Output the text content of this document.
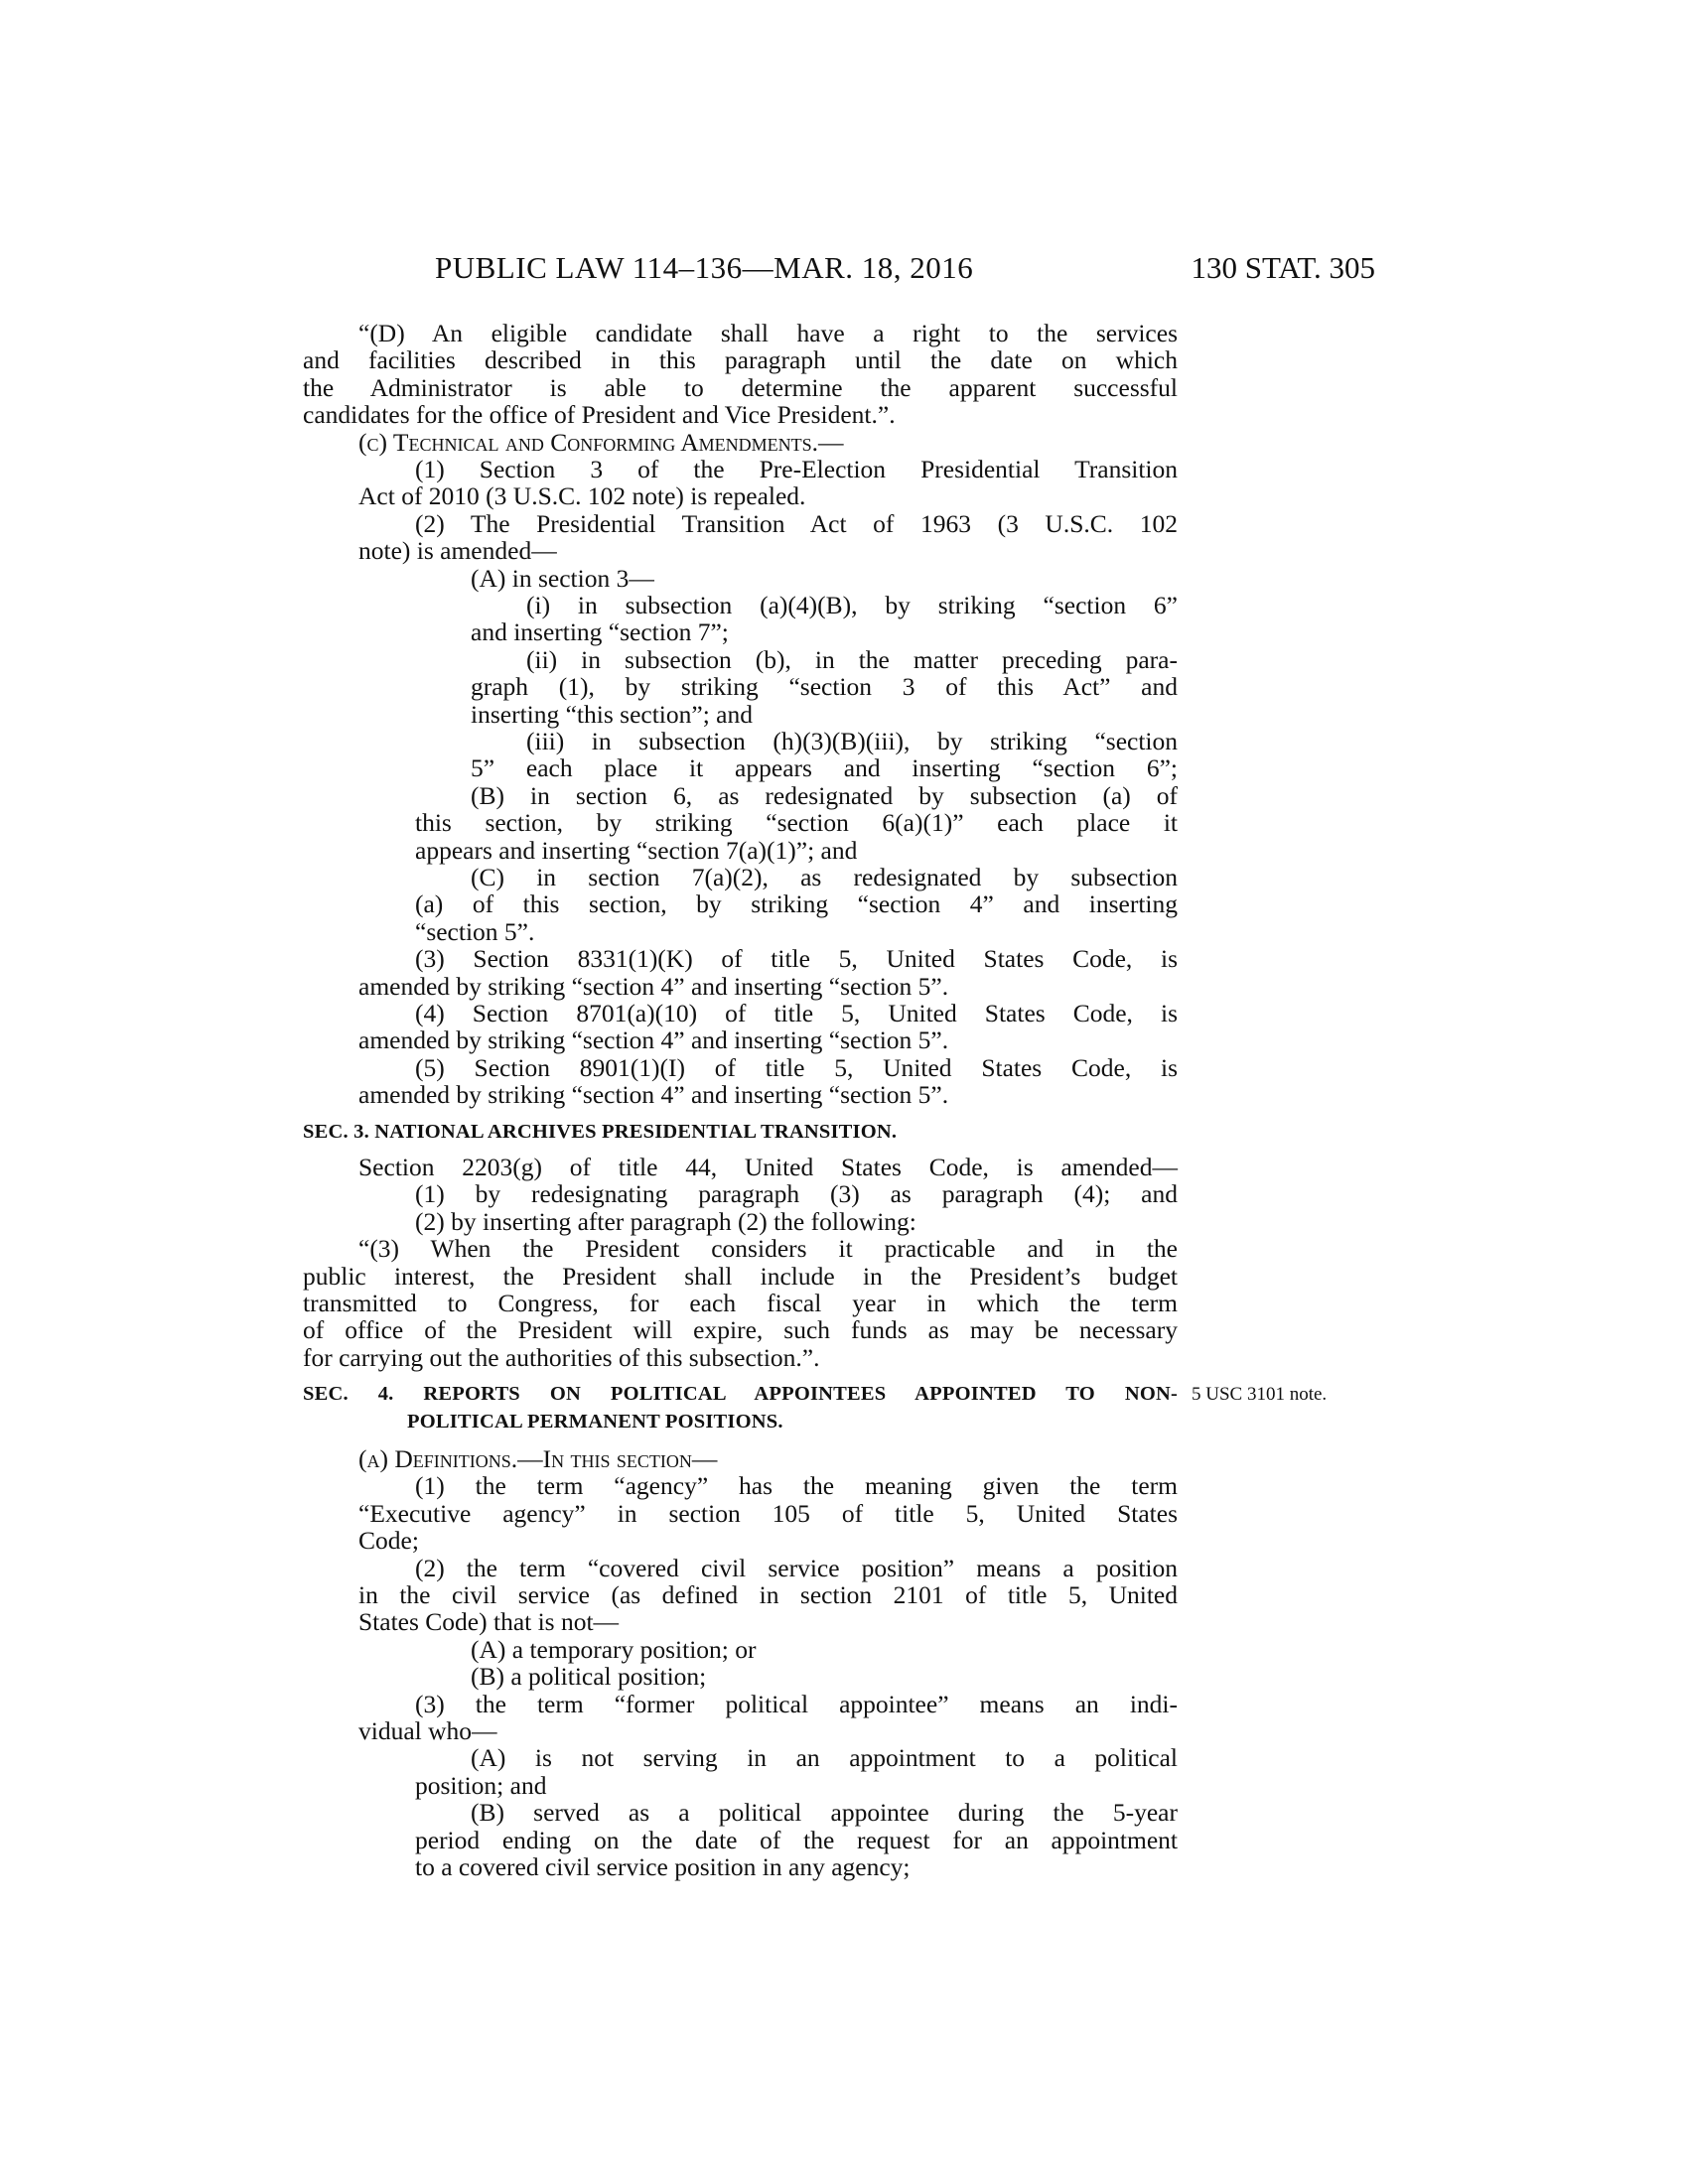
PUBLIC LAW 114–136—MAR. 18, 2016	130 STAT. 305
“(D) An eligible candidate shall have a right to the services
and facilities described in this paragraph until the date on which
the Administrator is able to determine the apparent successful
candidates for the office of President and Vice President.”.
(c) Technical and Conforming Amendments.—
(1) Section 3 of the Pre-Election Presidential Transition
Act of 2010 (3 U.S.C. 102 note) is repealed.
(2) The Presidential Transition Act of 1963 (3 U.S.C. 102
note) is amended—
(A) in section 3—
(i) in subsection (a)(4)(B), by striking “section 6”
and inserting “section 7”;
(ii) in subsection (b), in the matter preceding para-
graph (1), by striking “section 3 of this Act” and
inserting “this section”; and
(iii) in subsection (h)(3)(B)(iii), by striking “section
5” each place it appears and inserting “section 6”;
(B) in section 6, as redesignated by subsection (a) of
this section, by striking “section 6(a)(1)” each place it
appears and inserting “section 7(a)(1)”; and
(C) in section 7(a)(2), as redesignated by subsection
(a) of this section, by striking “section 4” and inserting
“section 5”.
(3) Section 8331(1)(K) of title 5, United States Code, is
amended by striking “section 4” and inserting “section 5”.
(4) Section 8701(a)(10) of title 5, United States Code, is
amended by striking “section 4” and inserting “section 5”.
(5) Section 8901(1)(I) of title 5, United States Code, is
amended by striking “section 4” and inserting “section 5”.
SEC. 3. NATIONAL ARCHIVES PRESIDENTIAL TRANSITION.
Section 2203(g) of title 44, United States Code, is amended—
(1) by redesignating paragraph (3) as paragraph (4); and
(2) by inserting after paragraph (2) the following:
“(3) When the President considers it practicable and in the
public interest, the President shall include in the President’s budget
transmitted to Congress, for each fiscal year in which the term
of office of the President will expire, such funds as may be necessary
for carrying out the authorities of this subsection.”.
SEC. 4. REPORTS ON POLITICAL APPOINTEES APPOINTED TO NON-
POLITICAL PERMANENT POSITIONS.
(a) Definitions.—In this section—
(1) the term “agency” has the meaning given the term
“Executive agency” in section 105 of title 5, United States
Code;
(2) the term “covered civil service position” means a position
in the civil service (as defined in section 2101 of title 5, United
States Code) that is not—
(A) a temporary position; or
(B) a political position;
(3) the term “former political appointee” means an indi-
vidual who—
(A) is not serving in an appointment to a political
position; and
(B) served as a political appointee during the 5-year
period ending on the date of the request for an appointment
to a covered civil service position in any agency;
5 USC 3101 note.
